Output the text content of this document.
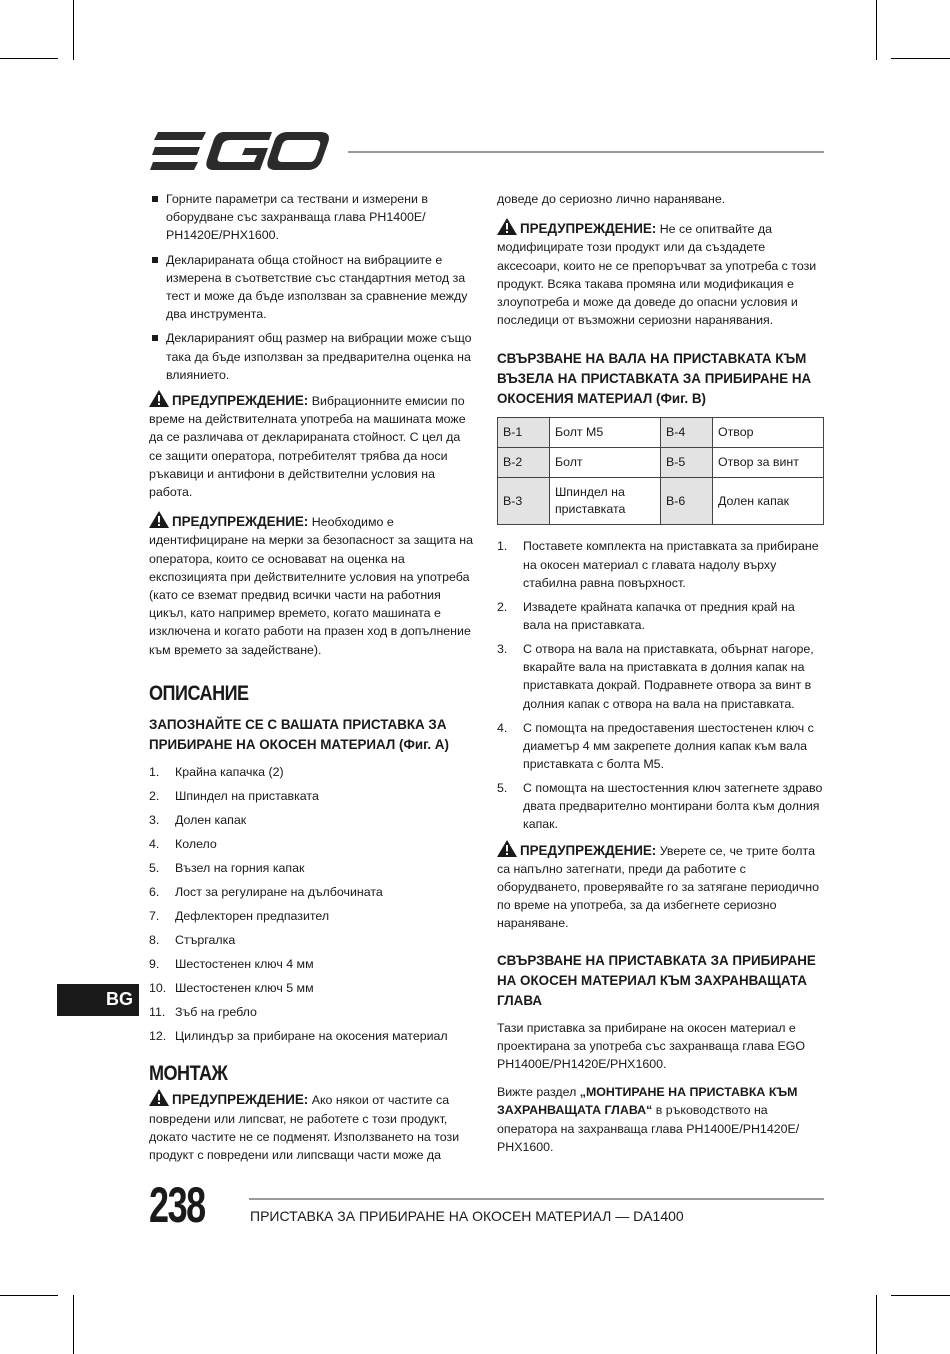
Горните параметри са тествани и измерени в оборудване със захранваща глава PH1400E/ PH1420E/PHX1600.
Декларираната обща стойност на вибрациите е измерена в съответствие със стандартния метод за тест и може да бъде използван за сравнение между два инструмента.
Декларираният общ размер на вибрации може също така да бъде използван за предварителна оценка на влиянието.

ПРЕДУПРЕЖДЕНИЕ: Вибрационните емисии по време на действителната употреба на машината може да се различава от декларираната стойност. С цел да се защити оператора, потребителят трябва да носи ръкавици и антифони в действителни условия на работа.

ПРЕДУПРЕЖДЕНИЕ: Необходимо е идентифициране на мерки за безопасност за защита на оператора, които се основават на оценка на експозицията при действителните условия на употреба (като се вземат предвид всички части на работния цикъл, като например времето, когато машината е изключена и когато работи на празен ход в допълнение към времето за задействане).

ОПИСАНИЕ
ЗАПОЗНАЙТЕ СЕ С ВАШАТА ПРИСТАВКА ЗА ПРИБИРАНЕ НА ОКОСЕН МАТЕРИАЛ (Фиг. A)
1. Крайна капачка (2)
2. Шпиндел на приставката
3. Долен капак
4. Колело
5. Възел на горния капак
6. Лост за регулиране на дълбочината
7. Дефлекторен предпазител
8. Стъргалка
9. Шестостенен ключ 4 мм
10. Шестостенен ключ 5 мм
11. Зъб на гребло
12. Цилиндър за прибиране на окосения материал
МОНТАЖ

ПРЕДУПРЕЖДЕНИЕ: Ако някои от частите са повредени или липсват, не работете с този продукт, докато частите не се подменят. Използването на този продукт с повредени или липсващи части може да

доведе до сериозно лично нараняване.

ПРЕДУПРЕЖДЕНИЕ: Не се опитвайте да модифицирате този продукт или да създадете аксесоари, които не се препоръчват за употреба с този продукт. Всяка такава промяна или модификация е злоупотреба и може да доведе до опасни условия и последици от възможни сериозни наранявания.

СВЪРЗВАНЕ НА ВАЛА НА ПРИСТАВКАТА КЪМ ВЪЗЕЛА НА ПРИСТАВКАТА ЗА ПРИБИРАНЕ НА ОКОСЕНИЯ МАТЕРИАЛ (Фиг. B)
B-1	Болт M5	B-4	Отвор
B-2	Болт	B-5	Отвор за винт
B-3	Шпиндел на приставката	B-6	Долен капак
1. Поставете комплекта на приставката за прибиране на окосен материал с главата надолу върху стабилна равна повърхност.
2. Извадете крайната капачка от предния край на вала на приставката.
3. С отвора на вала на приставката, обърнат нагоре, вкарайте вала на приставката в долния капак на приставката докрай. Подравнете отвора за винт в долния капак с отвора на вала на приставката.
4. С помощта на предоставения шестостенен ключ с диаметър 4 мм закрепете долния капак към вала приставката с болта M5.
5. С помощта на шестостенния ключ затегнете здраво двата предварително монтирани болта към долния капак.

ПРЕДУПРЕЖДЕНИЕ: Уверете се, че трите болта са напълно затегнати, преди да работите с оборудването, проверявайте го за затягане периодично по време на употреба, за да избегнете сериозно нараняване.

СВЪРЗВАНЕ НА ПРИСТАВКАТА ЗА ПРИБИРАНЕ НА ОКОСЕН МАТЕРИАЛ КЪМ ЗАХРАНВАЩАТА ГЛАВА

Тази приставка за прибиране на окосен материал е проектирана за употреба със захранваща глава EGO PH1400E/PH1420E/PHX1600.

Вижте раздел „МОНТИРАНЕ НА ПРИСТАВКА КЪМ ЗАХРАНВАЩАТА ГЛАВА“ в ръководството на оператора на захранваща глава PH1400E/PH1420E/ PHX1600.

BG
238	ПРИСТАВКА ЗА ПРИБИРАНЕ НА ОКОСЕН МАТЕРИАЛ — DA1400
